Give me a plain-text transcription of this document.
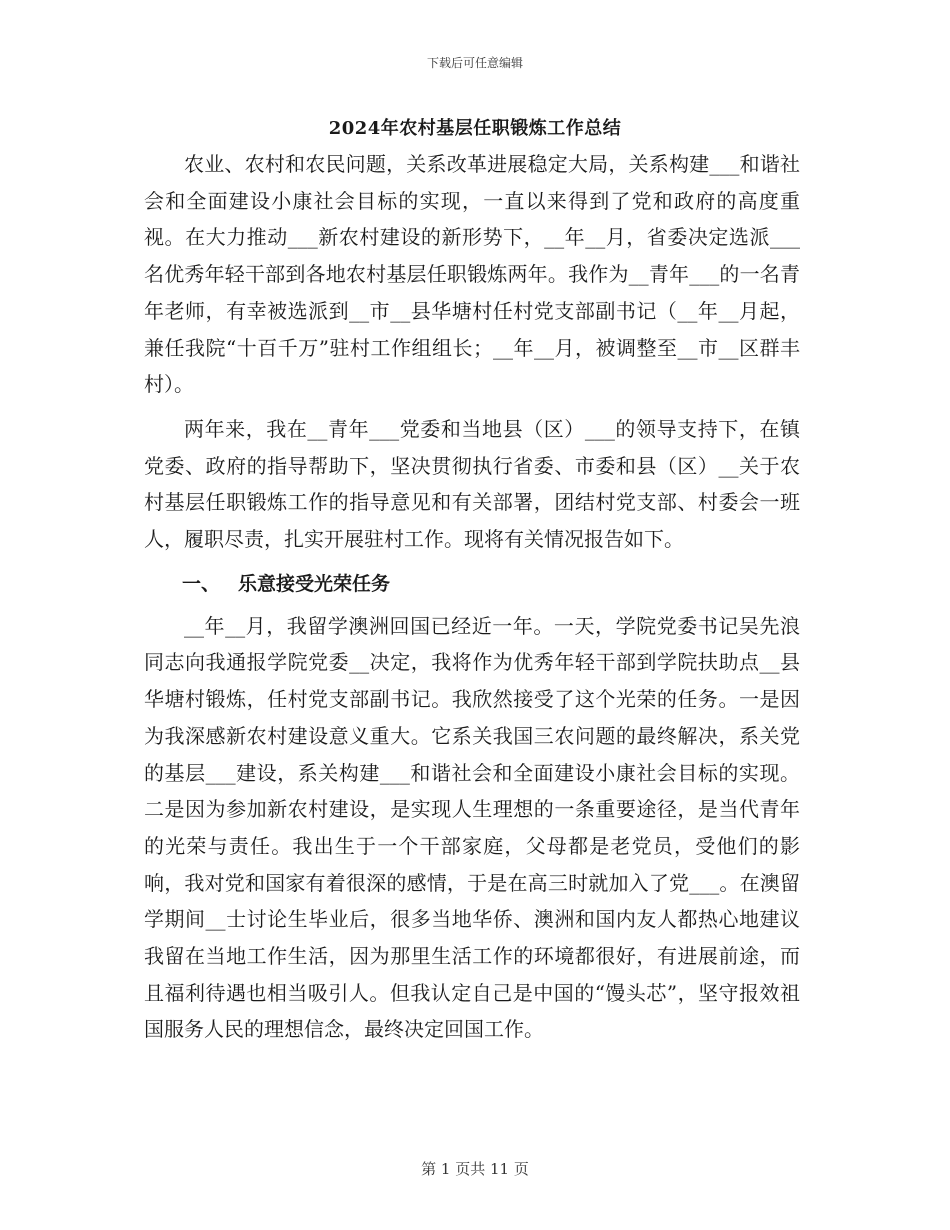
下载后可任意编辑
2024年农村基层任职锻炼工作总结

农业、农村和农民问题，关系改革进展稳定大局，关系构建___和谐社会和全面建设小康社会目标的实现，一直以来得到了党和政府的高度重视。在大力推动___新农村建设的新形势下，__年__月，省委决定选派___名优秀年轻干部到各地农村基层任职锻炼两年。我作为__青年___的一名青年老师，有幸被选派到__市__县华塘村任村党支部副书记（__年__月起，兼任我院“十百千万”驻村工作组组长；__年__月，被调整至__市__区群丰村）。

两年来，我在__青年___党委和当地县（区）___的领导支持下，在镇党委、政府的指导帮助下，坚决贯彻执行省委、市委和县（区）__关于农村基层任职锻炼工作的指导意见和有关部署，团结村党支部、村委会一班人，履职尽责，扎实开展驻村工作。现将有关情况报告如下。

一、 乐意接受光荣任务

__年__月，我留学澳洲回国已经近一年。一天，学院党委书记吴先浪同志向我通报学院党委__决定，我将作为优秀年轻干部到学院扶助点__县华塘村锻炼，任村党支部副书记。我欣然接受了这个光荣的任务。一是因为我深感新农村建设意义重大。它系关我国三农问题的最终解决，系关党的基层___建设，系关构建___和谐社会和全面建设小康社会目标的实现。二是因为参加新农村建设，是实现人生理想的一条重要途径，是当代青年的光荣与责任。我出生于一个干部家庭，父母都是老党员，受他们的影响，我对党和国家有着很深的感情，于是在高三时就加入了党___。在澳留学期间__士讨论生毕业后，很多当地华侨、澳洲和国内友人都热心地建议我留在当地工作生活，因为那里生活工作的环境都很好，有进展前途，而且福利待遇也相当吸引人。但我认定自己是中国的“馒头芯”，坚守报效祖国服务人民的理想信念，最终决定回国工作。

第 1 页共 11 页
